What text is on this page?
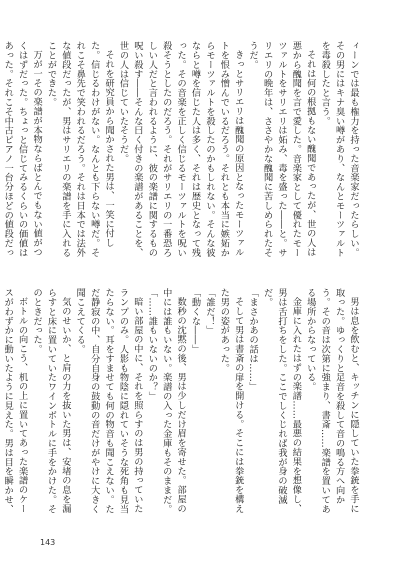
ィーンでは最も権力を持った音楽家だったらしい。その男にはキナ臭い噂があり、なんとモーツァルトを毒殺したと言う。

それは何の根拠もない醜聞であったが、世の人は悪から醜聞を言で愛した。音楽家として優れたモーツァルトをサリエリは妬み、毒を盛った――と。サリエリの晩年は、ささやかな醜聞に苦しめられたそうだ。

きっとサリエリは醜聞の原因となったモーツァルトを恨み憎んでいるだろう。それとも本当に嫉妬からモーツァルトを殺したのかもしれない。そんな彼ならと噂を信じた人は多く、それは歴史となって残った。その音楽を正しく信じるモーツァルトを呪い殺そうとしたのだろう。それがサリエリの一番恐ろしい人だと言われるように、彼の楽譜に関するもの呪い殺す――そんな曰く付きの楽譜があることを、世の人は信じていたそうだ。

それを研究員から聞かされた男は、一笑に付した。信じるわけがない。なんとも下らない噂だ。それこそ鼻先で笑われるだろう。それは日本では法外な値段だったが、男はサリエリの楽譜を手に入れることができた。

万が一その楽譜が本物ならばとんでもない値がつくはずだった。ちょっと信じてみるくらいの価値はあった。それこそ中古ピアノ一台分ほどの値段だっ

男は息を飲むと、キッチンに隠していた拳銃を手に取った。ゆっくりと足音を殺して音の鳴る方へ向かう。その音は次第に強まり、書斎……楽譜を置いてある場所からなっている。

金庫に入れたはずの楽譜……最悪の結果を想像し、男は舌打ちをした。ここでしくじれば我が身の破滅だ。

「まさかあの話は……」

そして男は書斎の扉を開ける。そこには拳銃を構えた男の姿があった。

「誰だ！」

「動くな――」

数秒の沈黙の後、男は少しだけ眉を寄せた。部屋の中には誰もいない。楽譜の入った金庫もそのままだ。

「……誰もいないのか？」

暗い部屋の中に、それを照らすのは男の持っていたランプのみ。人影も物陰に隠れていそうな死角も見当たらない。耳をすませても何の物音も聞こえない。ただ静寂の中、自分自身の鼓動の音だけがやけに大きく聞こえてくる。

気のせいか、と肩の力を抜いた男は、安堵の息を漏らすと床に置いていたワインボトルに手をかけた。そのときだった。

ボトルの向こう、机の上に置いてあった楽譜のケースがわずかに動いたように見えた。男は目を瞬かせ、

143
